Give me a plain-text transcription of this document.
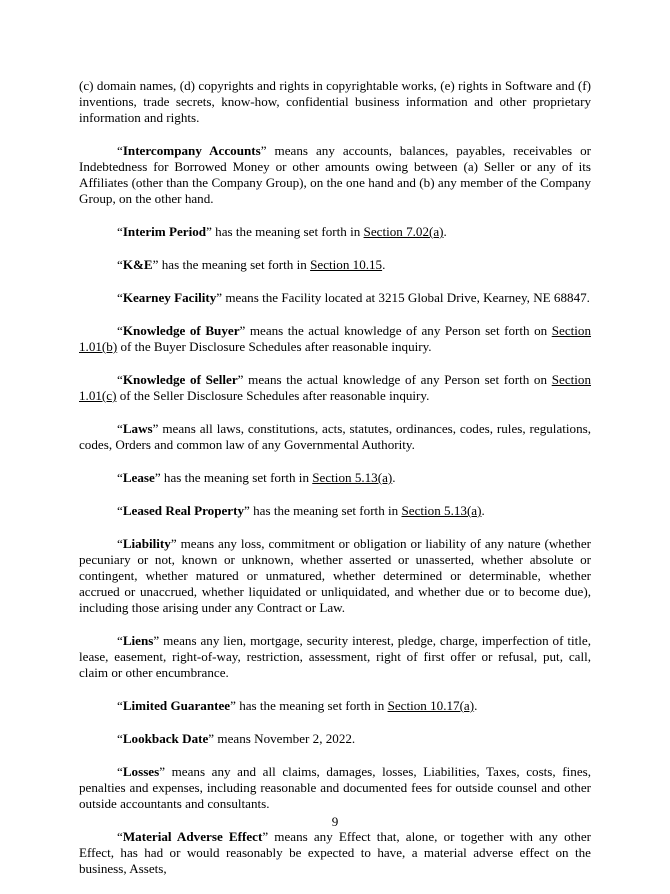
(c) domain names, (d) copyrights and rights in copyrightable works, (e) rights in Software and (f) inventions, trade secrets, know-how, confidential business information and other proprietary information and rights.

“Intercompany Accounts” means any accounts, balances, payables, receivables or Indebtedness for Borrowed Money or other amounts owing between (a) Seller or any of its Affiliates (other than the Company Group), on the one hand and (b) any member of the Company Group, on the other hand.

“Interim Period” has the meaning set forth in Section 7.02(a).

“K&E” has the meaning set forth in Section 10.15.

“Kearney Facility” means the Facility located at 3215 Global Drive, Kearney, NE 68847.

“Knowledge of Buyer” means the actual knowledge of any Person set forth on Section 1.01(b) of the Buyer Disclosure Schedules after reasonable inquiry.

“Knowledge of Seller” means the actual knowledge of any Person set forth on Section 1.01(c) of the Seller Disclosure Schedules after reasonable inquiry.

“Laws” means all laws, constitutions, acts, statutes, ordinances, codes, rules, regulations, codes, Orders and common law of any Governmental Authority.

“Lease” has the meaning set forth in Section 5.13(a).

“Leased Real Property” has the meaning set forth in Section 5.13(a).

“Liability” means any loss, commitment or obligation or liability of any nature (whether pecuniary or not, known or unknown, whether asserted or unasserted, whether absolute or contingent, whether matured or unmatured, whether determined or determinable, whether accrued or unaccrued, whether liquidated or unliquidated, and whether due or to become due), including those arising under any Contract or Law.

“Liens” means any lien, mortgage, security interest, pledge, charge, imperfection of title, lease, easement, right-of-way, restriction, assessment, right of first offer or refusal, put, call, claim or other encumbrance.

“Limited Guarantee” has the meaning set forth in Section 10.17(a).

“Lookback Date” means November 2, 2022.

“Losses” means any and all claims, damages, losses, Liabilities, Taxes, costs, fines, penalties and expenses, including reasonable and documented fees for outside counsel and other outside accountants and consultants.

“Material Adverse Effect” means any Effect that, alone, or together with any other Effect, has had or would reasonably be expected to have, a material adverse effect on the business, Assets,

9
